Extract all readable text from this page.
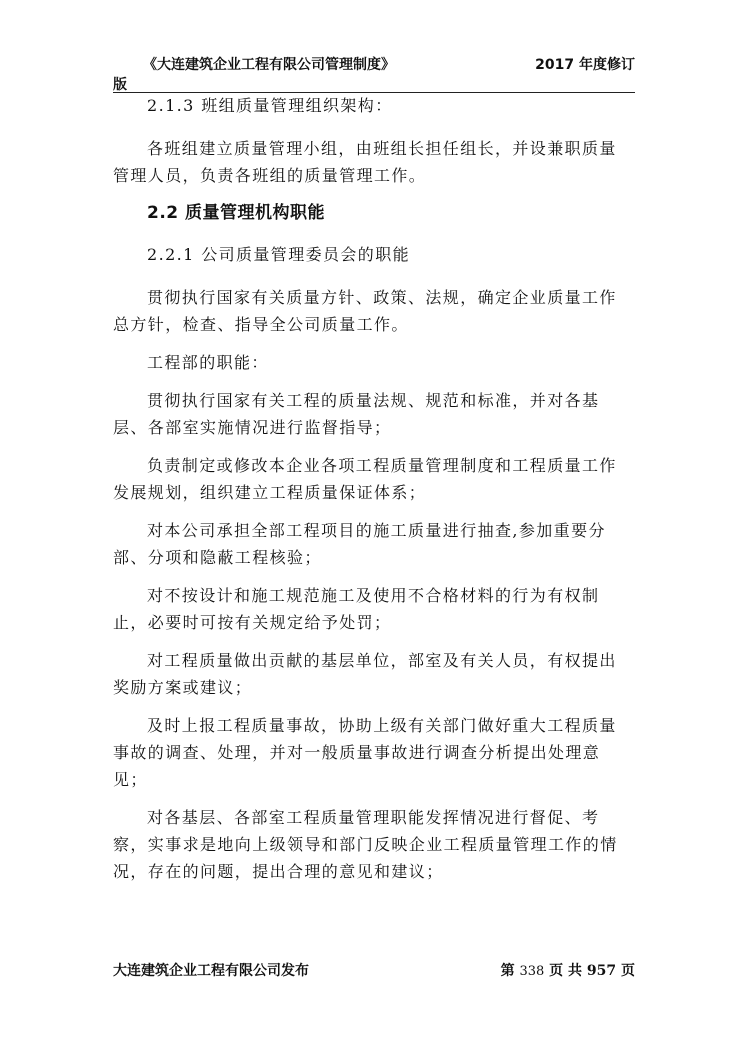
《大连建筑企业工程有限公司管理制度》	2017 年度修订
版

2.1.3 班组质量管理组织架构：

各班组建立质量管理小组，由班组长担任组长，并设兼职质量管理人员，负责各班组的质量管理工作。

2.2 质量管理机构职能

2.2.1 公司质量管理委员会的职能

贯彻执行国家有关质量方针、政策、法规，确定企业质量工作总方针，检查、指导全公司质量工作。

工程部的职能：

贯彻执行国家有关工程的质量法规、规范和标准，并对各基层、各部室实施情况进行监督指导；

负责制定或修改本企业各项工程质量管理制度和工程质量工作发展规划，组织建立工程质量保证体系；

对本公司承担全部工程项目的施工质量进行抽查,参加重要分部、分项和隐蔽工程核验；

对不按设计和施工规范施工及使用不合格材料的行为有权制止，必要时可按有关规定给予处罚；

对工程质量做出贡献的基层单位，部室及有关人员，有权提出奖励方案或建议；

及时上报工程质量事故，协助上级有关部门做好重大工程质量事故的调查、处理，并对一般质量事故进行调查分析提出处理意见；

对各基层、各部室工程质量管理职能发挥情况进行督促、考察，实事求是地向上级领导和部门反映企业工程质量管理工作的情况，存在的问题，提出合理的意见和建议；

大连建筑企业工程有限公司发布	第 338 页 共 957 页
